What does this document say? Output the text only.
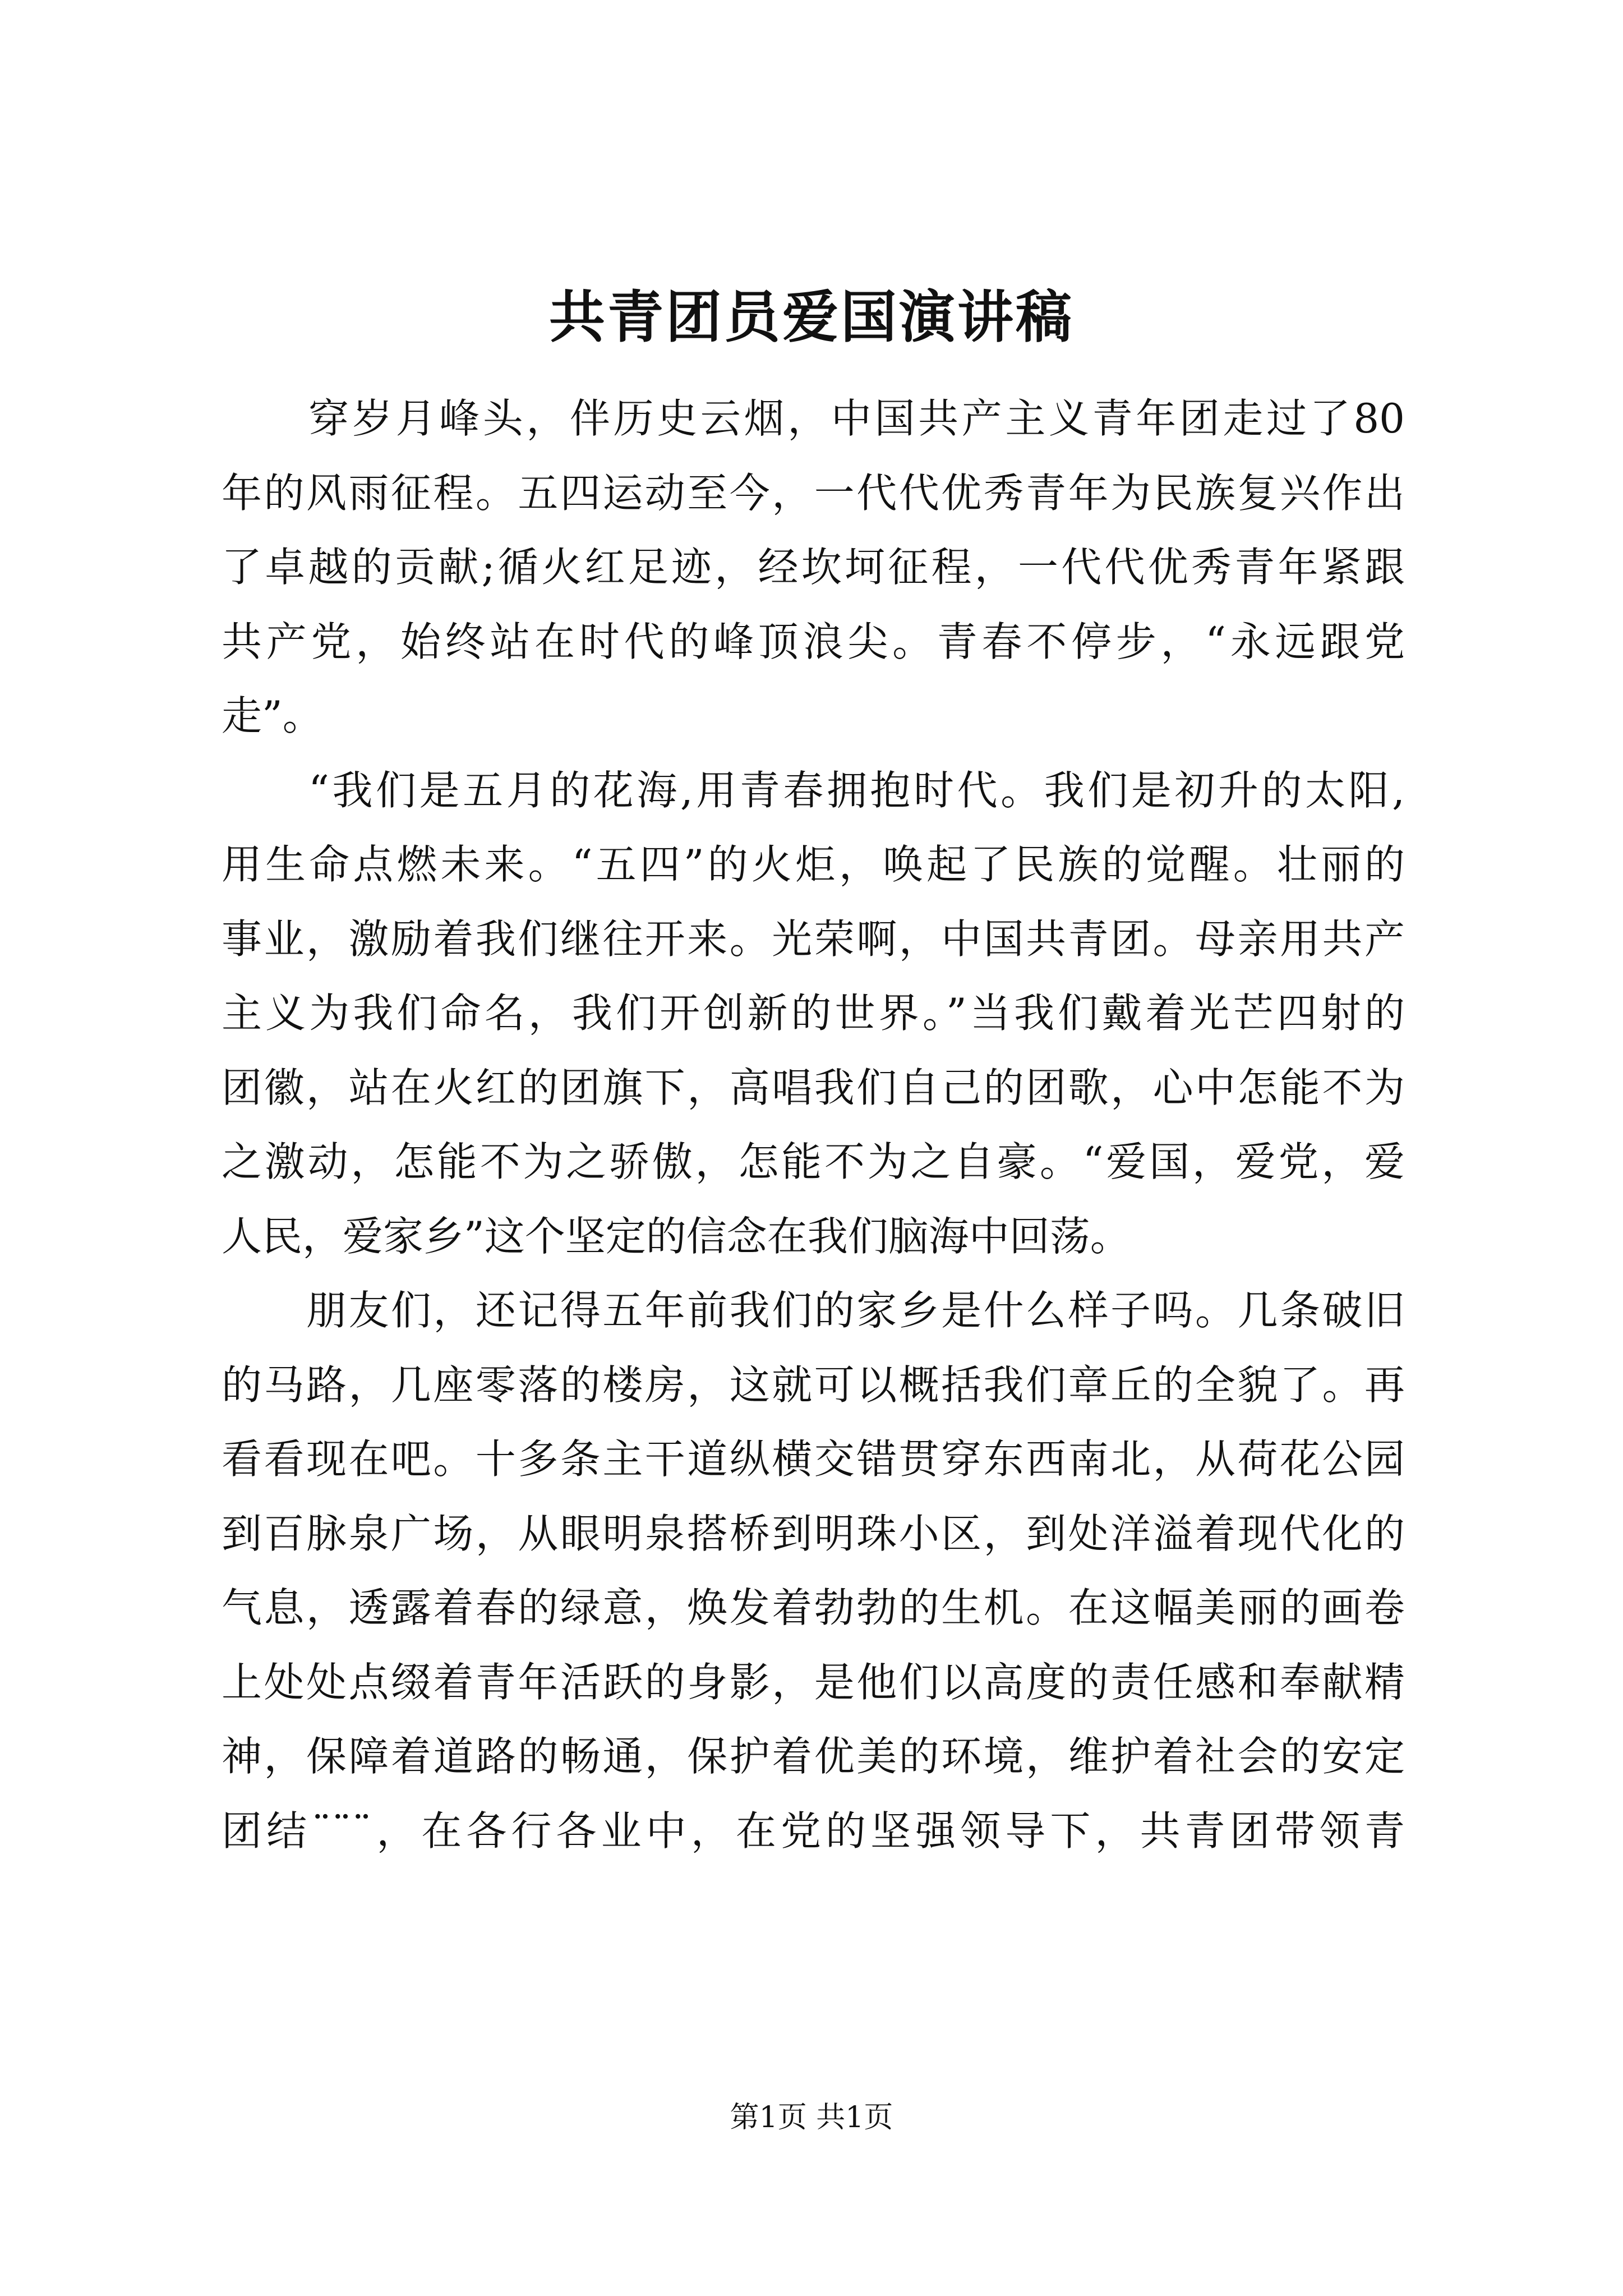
共青团员爱国演讲稿
　　穿岁月峰头，伴历史云烟，中国共产主义青年团走过了80
年的风雨征程。五四运动至今，一代代优秀青年为民族复兴作出
了卓越的贡献;循火红足迹，经坎坷征程，一代代优秀青年紧跟
共产党，始终站在时代的峰顶浪尖。青春不停步，“永远跟党
走”。
　　“我们是五月的花海,用青春拥抱时代。我们是初升的太阳,
用生命点燃未来。“五四”的火炬，唤起了民族的觉醒。壮丽的
事业，激励着我们继往开来。光荣啊，中国共青团。母亲用共产
主义为我们命名，我们开创新的世界。”当我们戴着光芒四射的
团徽，站在火红的团旗下，高唱我们自己的团歌，心中怎能不为
之激动，怎能不为之骄傲，怎能不为之自豪。“爱国，爱党，爱
人民，爱家乡”这个坚定的信念在我们脑海中回荡。
　　朋友们，还记得五年前我们的家乡是什么样子吗。几条破旧
的马路，几座零落的楼房，这就可以概括我们章丘的全貌了。再
看看现在吧。十多条主干道纵横交错贯穿东西南北，从荷花公园
到百脉泉广场，从眼明泉搭桥到明珠小区，到处洋溢着现代化的
气息，透露着春的绿意，焕发着勃勃的生机。在这幅美丽的画卷
上处处点缀着青年活跃的身影，是他们以高度的责任感和奉献精
神，保障着道路的畅通，保护着优美的环境，维护着社会的安定
团结¨¨¨，在各行各业中，在党的坚强领导下，共青团带领青
第1页 共1页
